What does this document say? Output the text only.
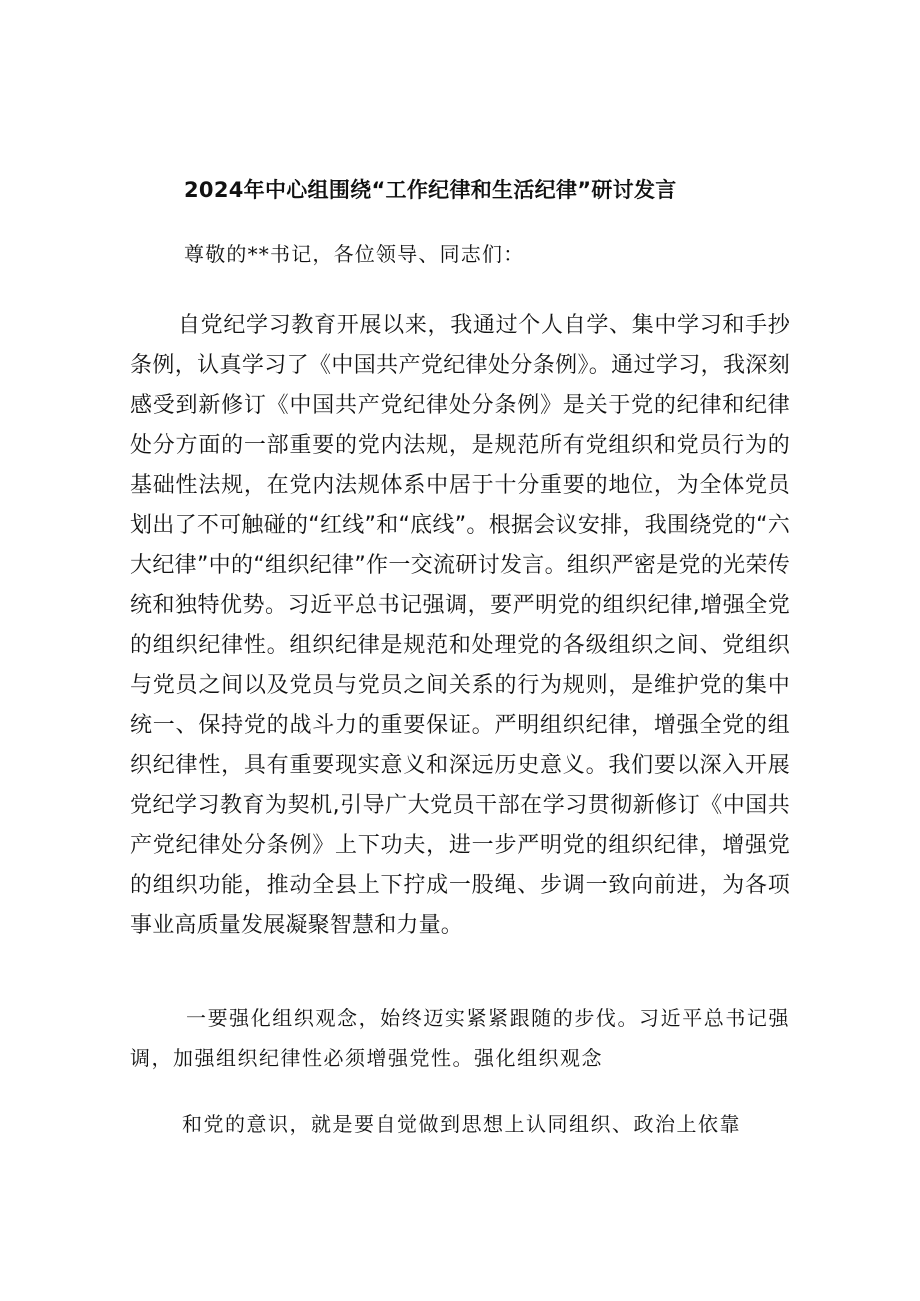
2024年中心组围绕“工作纪律和生活纪律”研讨发言
尊敬的**书记，各位领导、同志们：
自党纪学习教育开展以来，我通过个人自学、集中学习和手抄条例，认真学习了《中国共产党纪律处分条例》。通过学习，我深刻感受到新修订《中国共产党纪律处分条例》是关于党的纪律和纪律处分方面的一部重要的党内法规，是规范所有党组织和党员行为的基础性法规，在党内法规体系中居于十分重要的地位，为全体党员划出了不可触碰的“红线”和“底线”。根据会议安排，我围绕党的“六大纪律”中的“组织纪律”作一交流研讨发言。组织严密是党的光荣传统和独特优势。习近平总书记强调，要严明党的组织纪律,增强全党的组织纪律性。组织纪律是规范和处理党的各级组织之间、党组织与党员之间以及党员与党员之间关系的行为规则，是维护党的集中统一、保持党的战斗力的重要保证。严明组织纪律，增强全党的组织纪律性，具有重要现实意义和深远历史意义。我们要以深入开展党纪学习教育为契机,引导广大党员干部在学习贯彻新修订《中国共产党纪律处分条例》上下功夫，进一步严明党的组织纪律，增强党的组织功能，推动全县上下拧成一股绳、步调一致向前进，为各项事业高质量发展凝聚智慧和力量。
一要强化组织观念，始终迈实紧紧跟随的步伐。习近平总书记强调，加强组织纪律性必须增强党性。强化组织观念
和党的意识，就是要自觉做到思想上认同组织、政治上依靠
